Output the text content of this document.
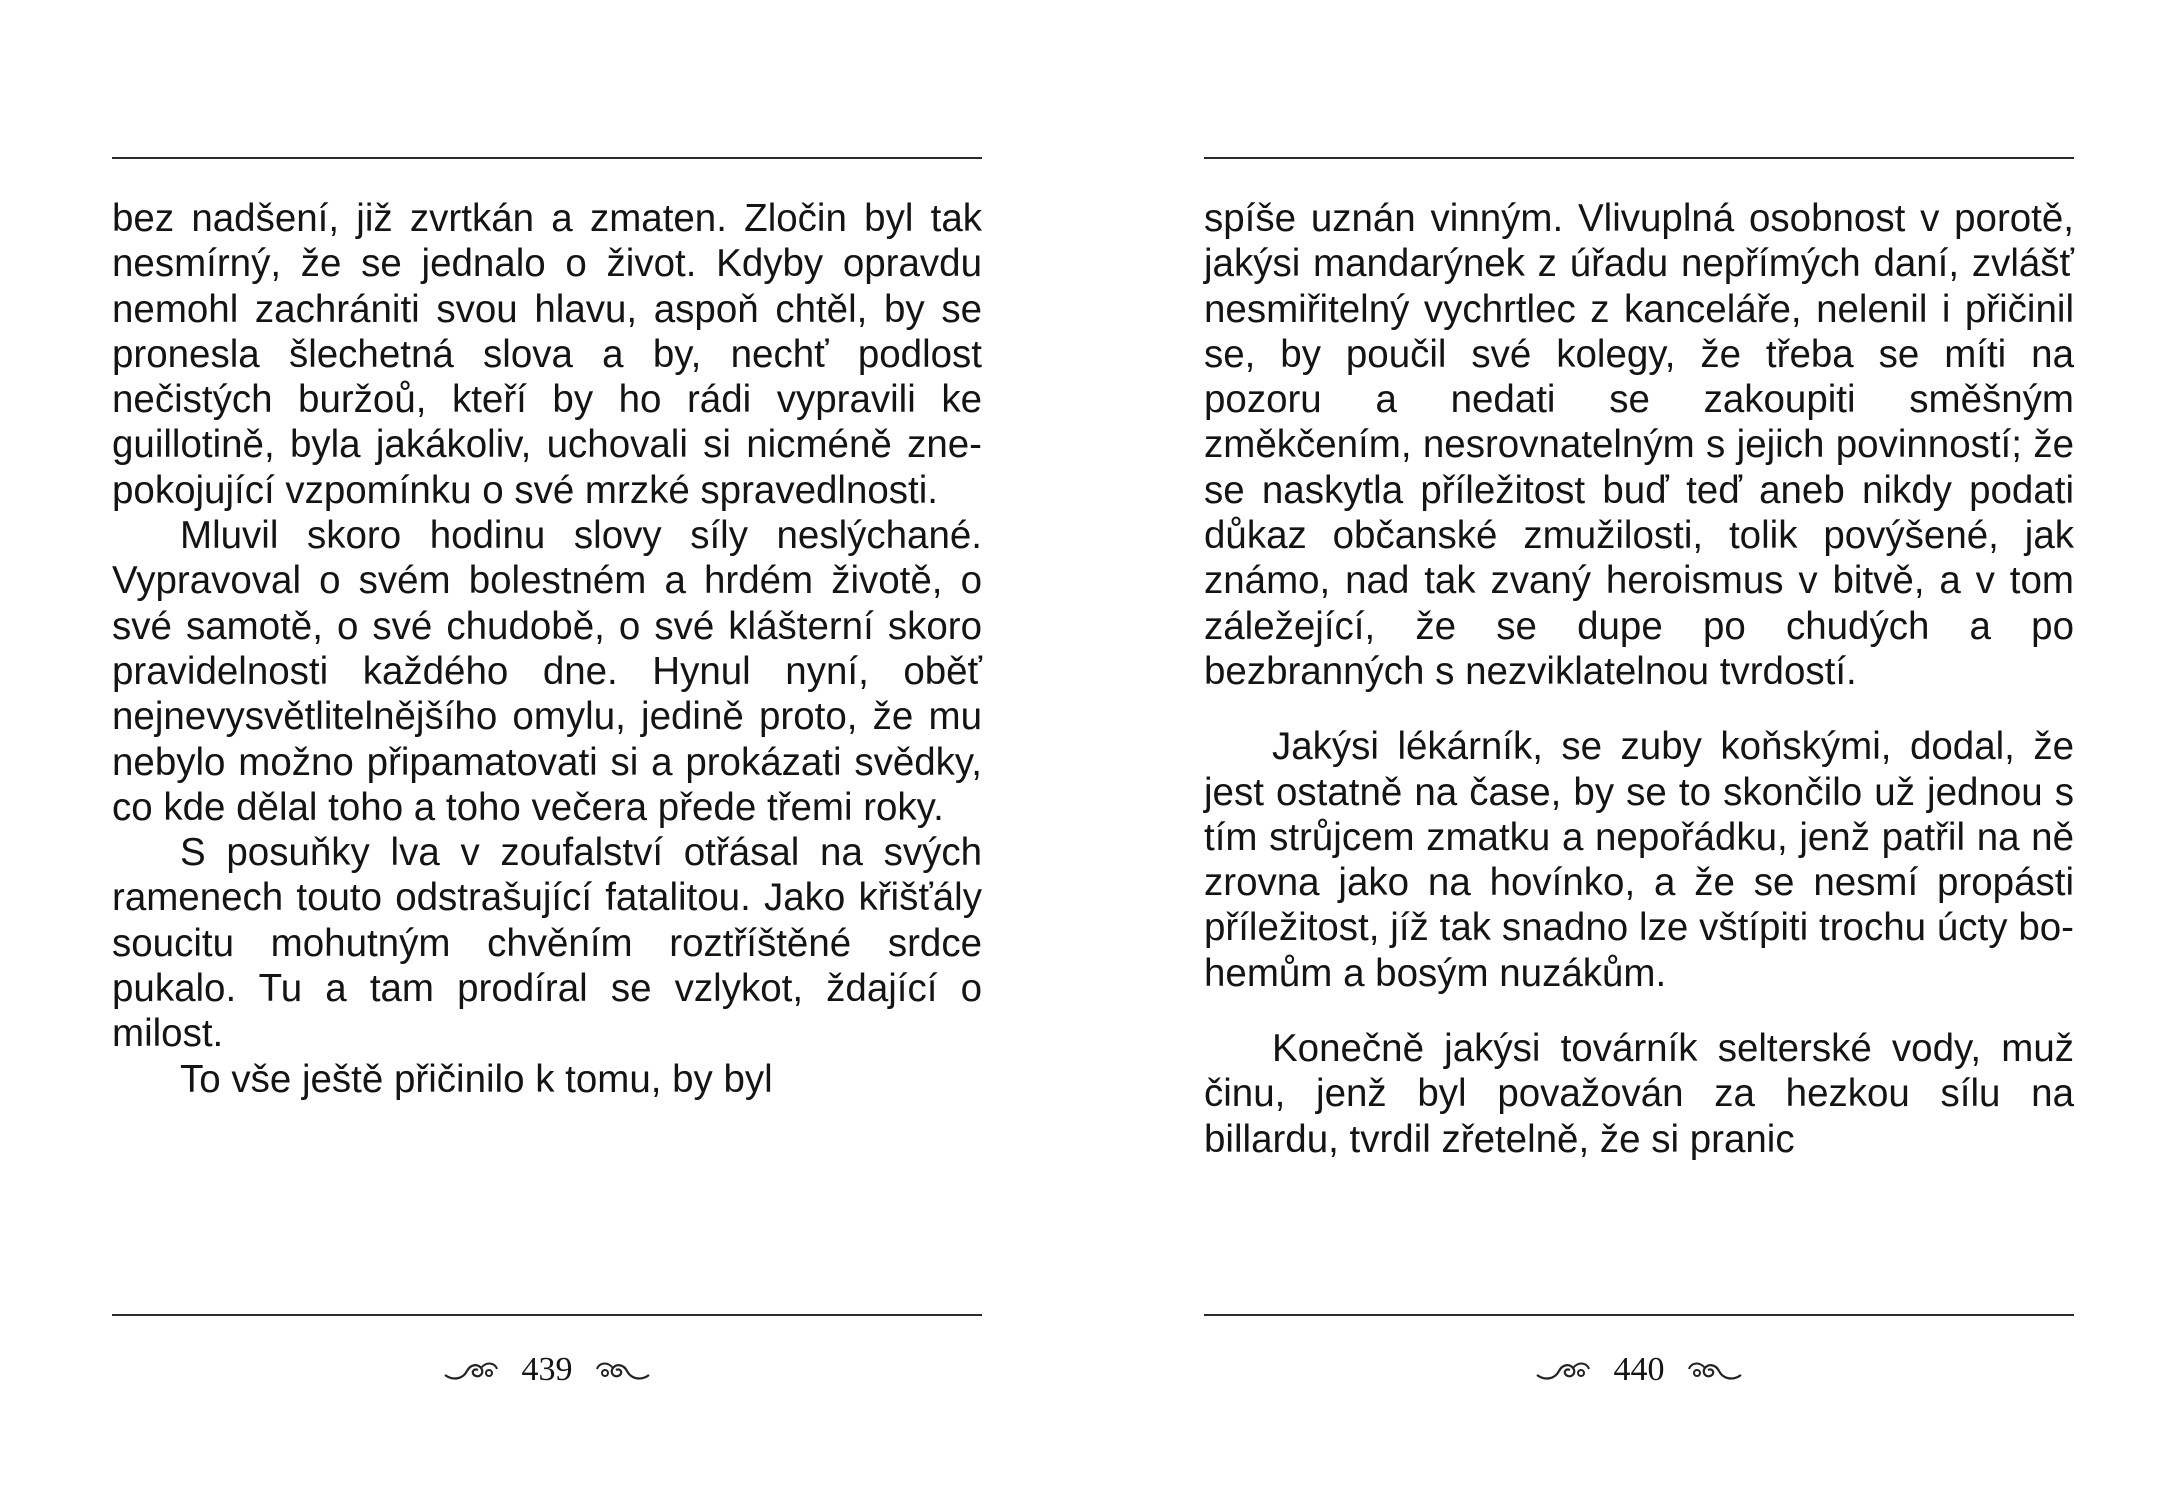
bez nadšení, již zvrtkán a zmaten. Zločin byl tak nesmírný, že se jednalo o život. Kdyby opravdu nemohl zachrániti svou hlavu, aspoň chtěl, by se pronesla šlechetná slova a by, nechť podlost nečistých buržoů, kteří by ho rádi vypravili ke guillotině, byla jakákoliv, uchovali si nicméně znepokojující vzpomínku o své mrzké spravedlnosti.

Mluvil skoro hodinu slovy síly neslýchané. Vypravoval o svém bolestném a hrdém životě, o své samotě, o své chudobě, o své klášterní skoro pravidelnosti každého dne. Hynul nyní, oběť nejnevysvětlitelnějšího omylu, jedině proto, že mu nebylo možno připamatovati si a prokázati svědky, co kde dělal toho a toho večera přede třemi roky.

S posuňky lva v zoufalství otřásal na svých ramenech touto odstrašující fatalitou. Jako křišťály soucitu mohutným chvěním roztříštěné srdce pukalo. Tu a tam prodíral se vzlykot, ždající o milost.

To vše ještě přičinilo k tomu, by byl

439

spíše uznán vinným. Vlivuplná osobnost v porotě, jakýsi mandarýnek z úřadu nepřímých daní, zvlášť nesmiřitelný vychrtlec z kanceláře, nelenil i přičinil se, by poučil své kolegy, že třeba se míti na pozoru a nedati se zakoupiti směšným změkčením, nesrovnatelným s jejich povinností; že se naskytla příležitost buď teď aneb nikdy podati důkaz občanské zmužilosti, tolik povýšené, jak známo, nad tak zvaný heroismus v bitvě, a v tom záležející, že se dupe po chudých a po bezbranných s nezviklatelnou tvrdostí.

Jakýsi lékárník, se zuby koňskými, dodal, že jest ostatně na čase, by se to skončilo už jednou s tím strůjcem zmatku a nepořádku, jenž patřil na ně zrovna jako na hovínko, a že se nesmí propásti příležitost, jíž tak snadno lze vštípiti trochu úcty bohemům a bosým nuzákům.

Konečně jakýsi továrník selterské vody, muž činu, jenž byl považován za hezkou sílu na billardu, tvrdil zřetelně, že si pranic

440
